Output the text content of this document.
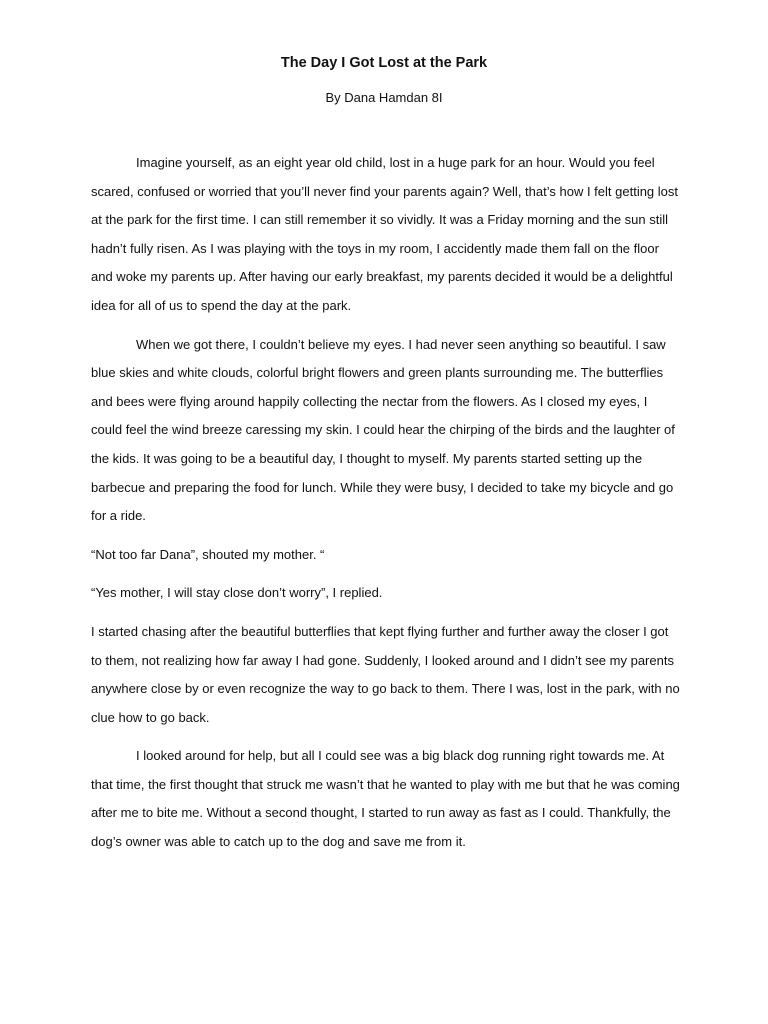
The Day I Got Lost at the Park
By Dana Hamdan 8I

Imagine yourself, as an eight year old child, lost in a huge park for an hour. Would you feel scared, confused or worried that you’ll never find your parents again? Well, that’s how I felt getting lost at the park for the first time. I can still remember it so vividly. It was a Friday morning and the sun still hadn’t fully risen. As I was playing with the toys in my room, I accidently made them fall on the floor and woke my parents up. After having our early breakfast, my parents decided it would be a delightful idea for all of us to spend the day at the park.

When we got there, I couldn’t believe my eyes. I had never seen anything so beautiful. I saw blue skies and white clouds, colorful bright flowers and green plants surrounding me. The butterflies and bees were flying around happily collecting the nectar from the flowers. As I closed my eyes, I could feel the wind breeze caressing my skin. I could hear the chirping of the birds and the laughter of the kids. It was going to be a beautiful day, I thought to myself. My parents started setting up the barbecue and preparing the food for lunch. While they were busy, I decided to take my bicycle and go for a ride.

“Not too far Dana”, shouted my mother. “

“Yes mother, I will stay close don’t worry”, I replied.

I started chasing after the beautiful butterflies that kept flying further and further away the closer I got to them, not realizing how far away I had gone. Suddenly, I looked around and I didn’t see my parents anywhere close by or even recognize the way to go back to them. There I was, lost in the park, with no clue how to go back.

I looked around for help, but all I could see was a big black dog running right towards me. At that time, the first thought that struck me wasn’t that he wanted to play with me but that he was coming after me to bite me. Without a second thought, I started to run away as fast as I could. Thankfully, the dog’s owner was able to catch up to the dog and save me from it.
